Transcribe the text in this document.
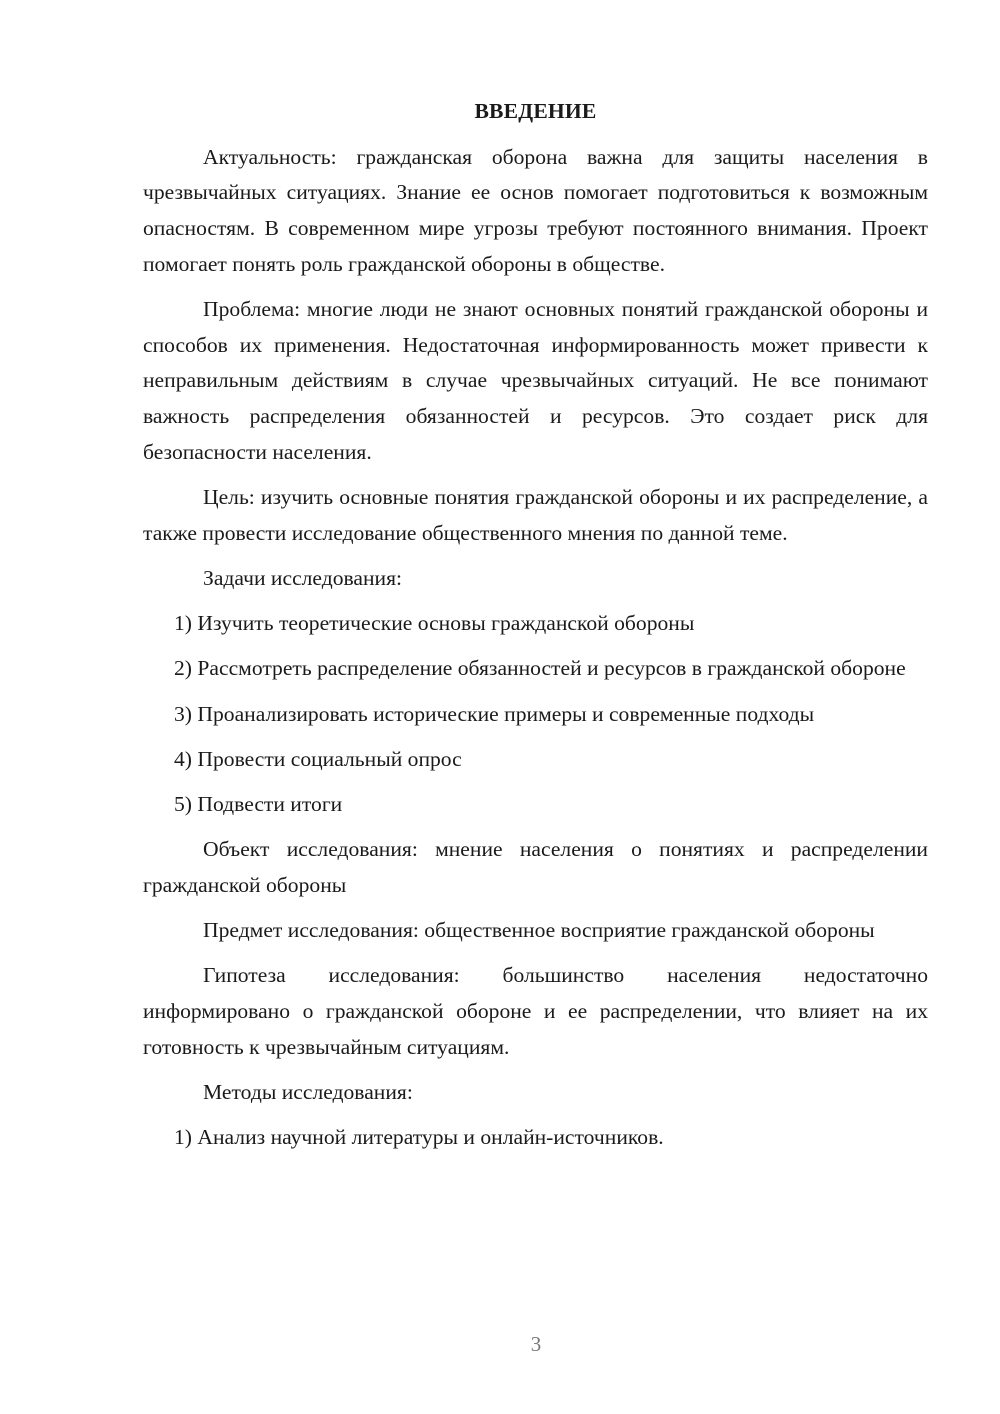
ВВЕДЕНИЕ

Актуальность: гражданская оборона важна для защиты населения в чрезвычайных ситуациях. Знание ее основ помогает подготовиться к возможным опасностям. В современном мире угрозы требуют постоянного внимания. Проект помогает понять роль гражданской обороны в обществе.

Проблема: многие люди не знают основных понятий гражданской обороны и способов их применения. Недостаточная информированность может привести к неправильным действиям в случае чрезвычайных ситуаций. Не все понимают важность распределения обязанностей и ресурсов. Это создает риск для безопасности населения.

Цель: изучить основные понятия гражданской обороны и их распределение, а также провести исследование общественного мнения по данной теме.

Задачи исследования:

1) Изучить теоретические основы гражданской обороны

2) Рассмотреть распределение обязанностей и ресурсов в гражданской обороне

3) Проанализировать исторические примеры и современные подходы

4) Провести социальный опрос

5) Подвести итоги

Объект исследования: мнение населения о понятиях и распределении гражданской обороны

Предмет исследования: общественное восприятие гражданской обороны

Гипотеза исследования: большинство населения недостаточно информировано о гражданской обороне и ее распределении, что влияет на их готовность к чрезвычайным ситуациям.

Методы исследования:

1) Анализ научной литературы и онлайн-источников.

3
